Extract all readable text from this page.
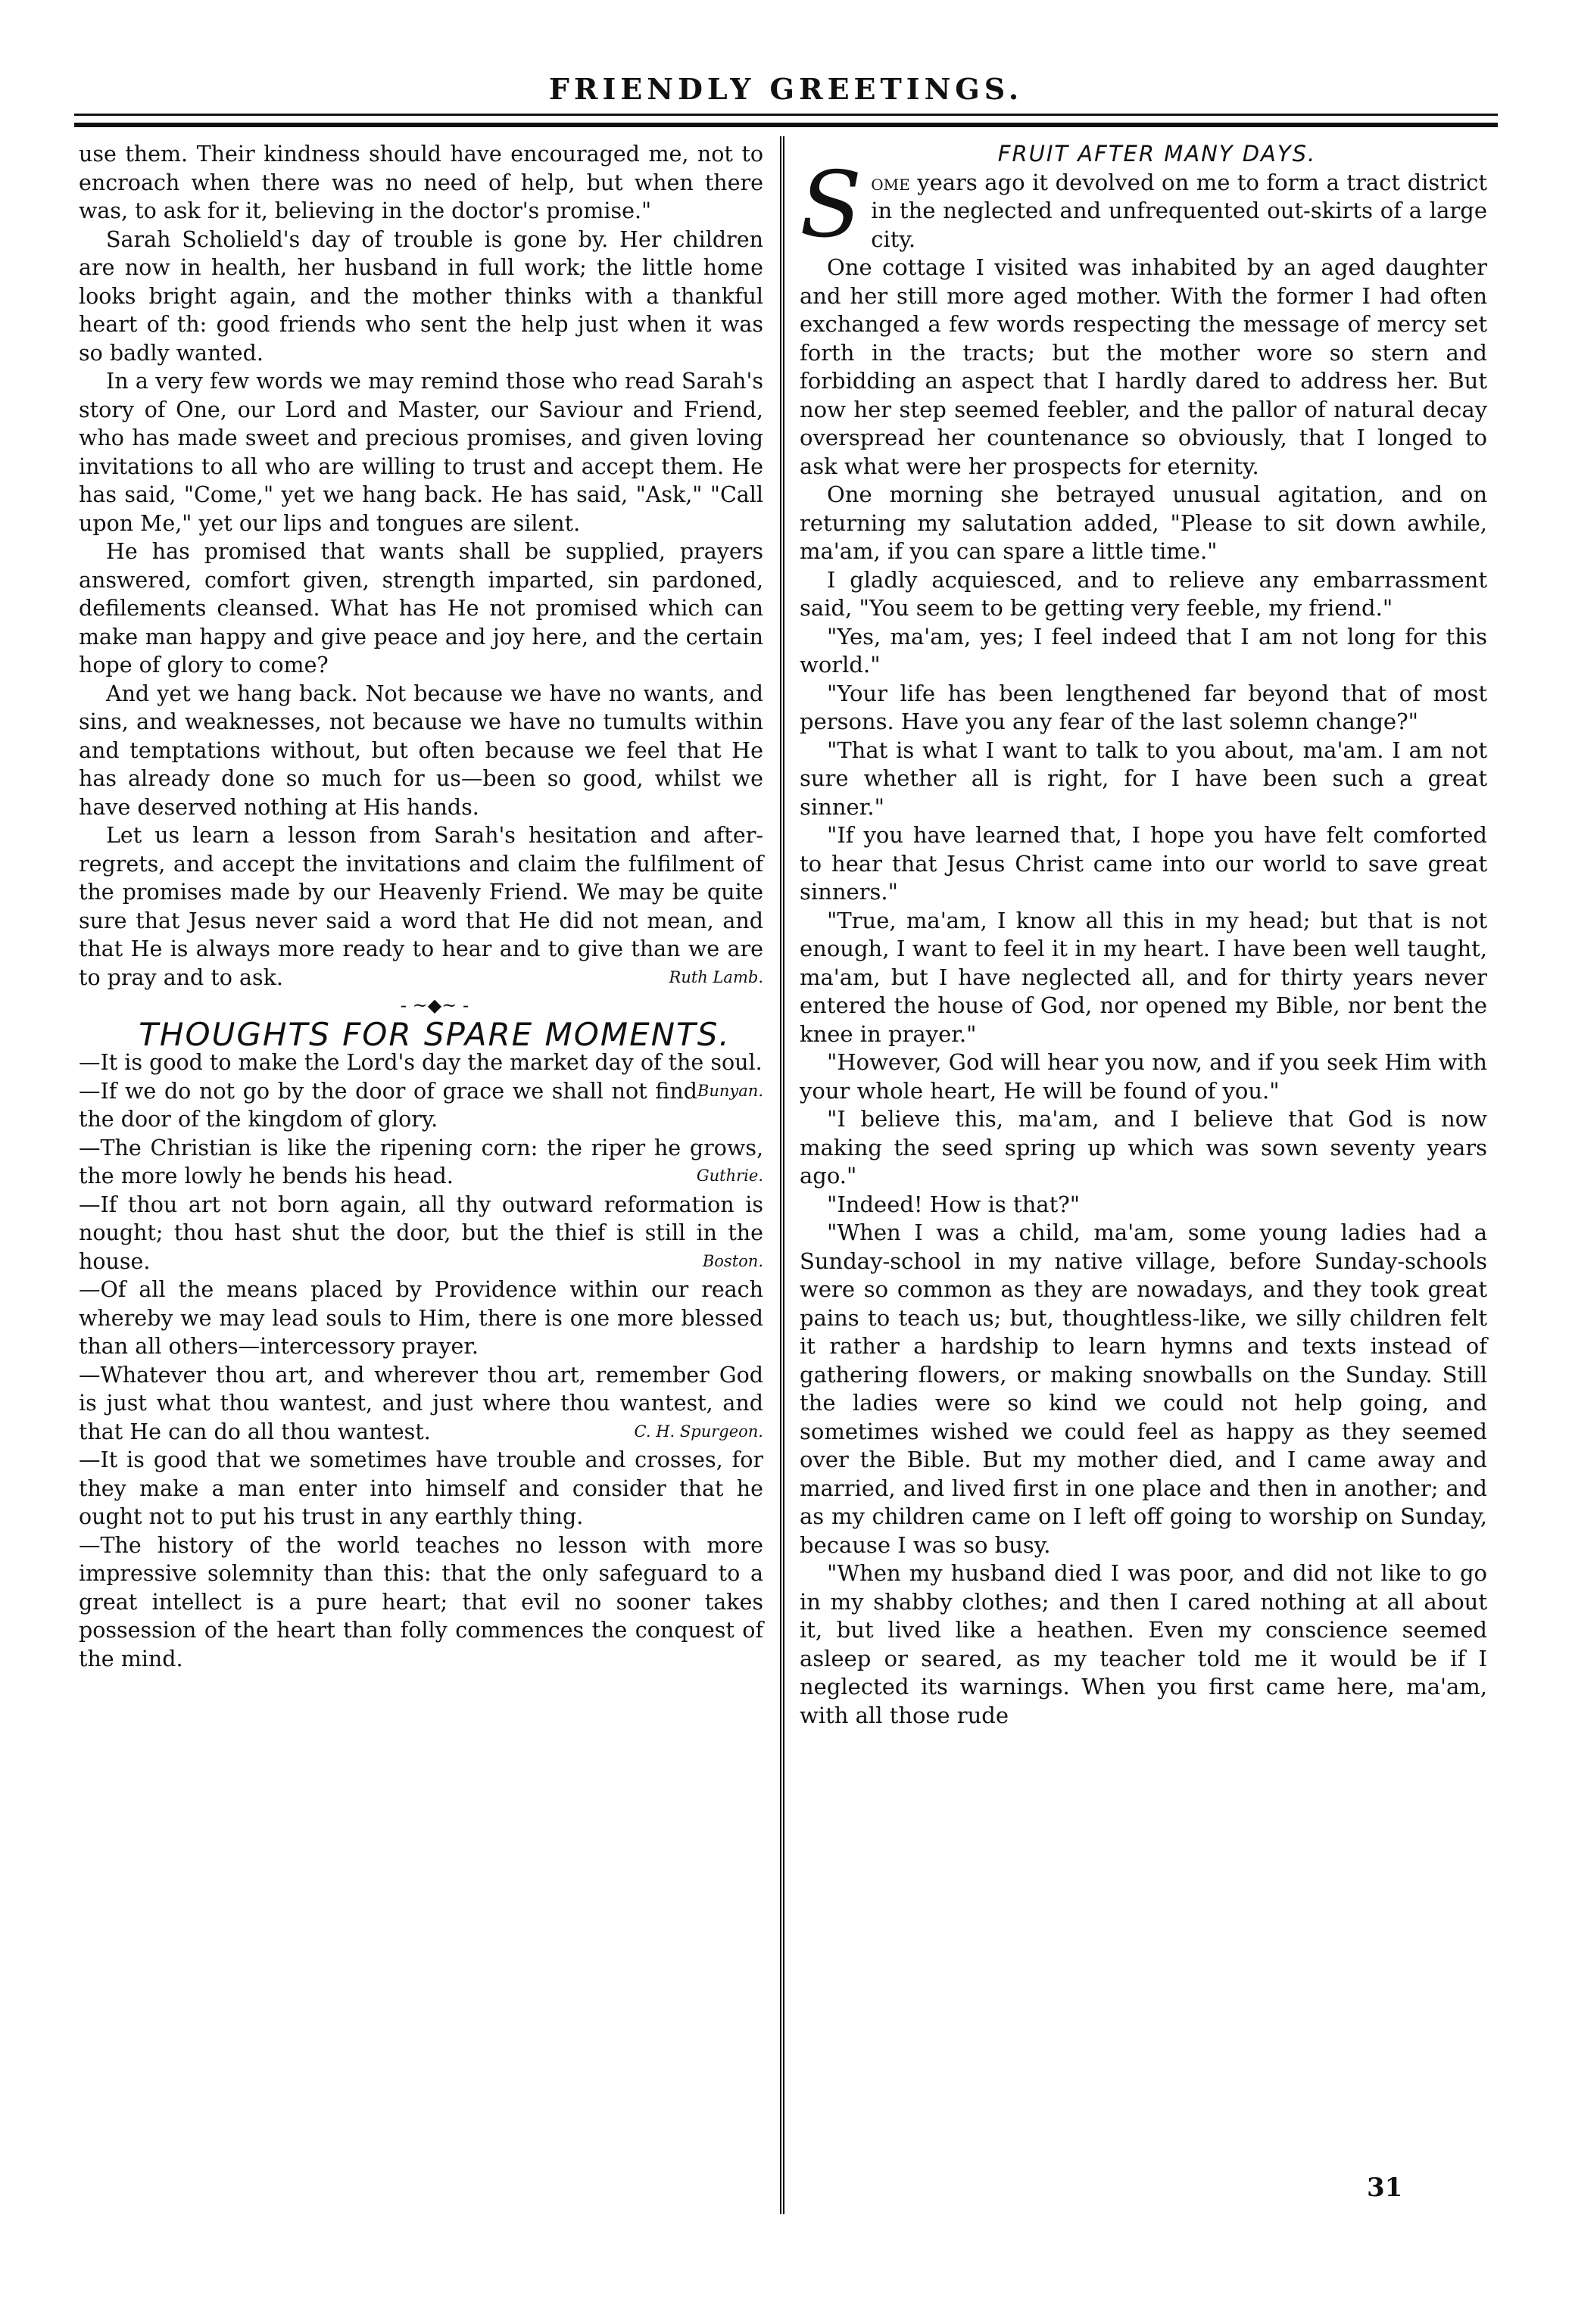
FRIENDLY GREETINGS.

use them. Their kindness should have encouraged me, not to encroach when there was no need of help, but when there was, to ask for it, believing in the doctor's promise."

Sarah Scholield's day of trouble is gone by. Her children are now in health, her husband in full work; the little home looks bright again, and the mother thinks with a thankful heart of th: good friends who sent the help just when it was so badly wanted.

In a very few words we may remind those who read Sarah's story of One, our Lord and Master, our Saviour and Friend, who has made sweet and precious promises, and given loving invitations to all who are willing to trust and accept them. He has said, "Come," yet we hang back. He has said, "Ask," "Call upon Me," yet our lips and tongues are silent.

He has promised that wants shall be supplied, prayers answered, comfort given, strength imparted, sin pardoned, defilements cleansed. What has He not promised which can make man happy and give peace and joy here, and the certain hope of glory to come?

And yet we hang back. Not because we have no wants, and sins, and weaknesses, not because we have no tumults within and temptations without, but often because we feel that He has already done so much for us—been so good, whilst we have deserved nothing at His hands.

Let us learn a lesson from Sarah's hesitation and after-regrets, and accept the invitations and claim the fulfilment of the promises made by our Heavenly Friend. We may be quite sure that Jesus never said a word that He did not mean, and that He is always more ready to hear and to give than we are to pray and to ask.	Ruth Lamb.

- ~◆~ -

THOUGHTS FOR SPARE MOMENTS.

—It is good to make the Lord's day the market day of the soul.
Bunyan.

—If we do not go by the door of grace we shall not find the door of the kingdom of glory.

—The Christian is like the ripening corn: the riper he grows, the more lowly he bends his head.	Guthrie.

—If thou art not born again, all thy outward reformation is nought; thou hast shut the door, but the thief is still in the house.	Boston.

—Of all the means placed by Providence within our reach whereby we may lead souls to Him, there is one more blessed than all others—intercessory prayer.

—Whatever thou art, and wherever thou art, remember God is just what thou wantest, and just where thou wantest, and that He can do all thou wantest.	C. H. Spurgeon.

—It is good that we sometimes have trouble and crosses, for they make a man enter into himself and consider that he ought not to put his trust in any earthly thing.

—The history of the world teaches no lesson with more impressive solemnity than this: that the only safeguard to a great intellect is a pure heart; that evil no sooner takes possession of the heart than folly commences the conquest of the mind.

FRUIT AFTER MANY DAYS.

Some years ago it devolved on me to form a tract district in the neglected and unfrequented out-skirts of a large city.

One cottage I visited was inhabited by an aged daughter and her still more aged mother. With the former I had often exchanged a few words respecting the message of mercy set forth in the tracts; but the mother wore so stern and forbidding an aspect that I hardly dared to address her. But now her step seemed feebler, and the pallor of natural decay overspread her countenance so obviously, that I longed to ask what were her prospects for eternity.

One morning she betrayed unusual agitation, and on returning my salutation added, "Please to sit down awhile, ma'am, if you can spare a little time."

I gladly acquiesced, and to relieve any embarrassment said, "You seem to be getting very feeble, my friend."

"Yes, ma'am, yes; I feel indeed that I am not long for this world."

"Your life has been lengthened far beyond that of most persons. Have you any fear of the last solemn change?"

"That is what I want to talk to you about, ma'am. I am not sure whether all is right, for I have been such a great sinner."

"If you have learned that, I hope you have felt comforted to hear that Jesus Christ came into our world to save great sinners."

"True, ma'am, I know all this in my head; but that is not enough, I want to feel it in my heart. I have been well taught, ma'am, but I have neglected all, and for thirty years never entered the house of God, nor opened my Bible, nor bent the knee in prayer."

"However, God will hear you now, and if you seek Him with your whole heart, He will be found of you."

"I believe this, ma'am, and I believe that God is now making the seed spring up which was sown seventy years ago."

"Indeed! How is that?"

"When I was a child, ma'am, some young ladies had a Sunday-school in my native village, before Sunday-schools were so common as they are nowadays, and they took great pains to teach us; but, thoughtless-like, we silly children felt it rather a hardship to learn hymns and texts instead of gathering flowers, or making snowballs on the Sunday. Still the ladies were so kind we could not help going, and sometimes wished we could feel as happy as they seemed over the Bible. But my mother died, and I came away and married, and lived first in one place and then in another; and as my children came on I left off going to worship on Sunday, because I was so busy.

"When my husband died I was poor, and did not like to go in my shabby clothes; and then I cared nothing at all about it, but lived like a heathen. Even my conscience seemed asleep or seared, as my teacher told me it would be if I neglected its warnings. When you first came here, ma'am, with all those rude

31
